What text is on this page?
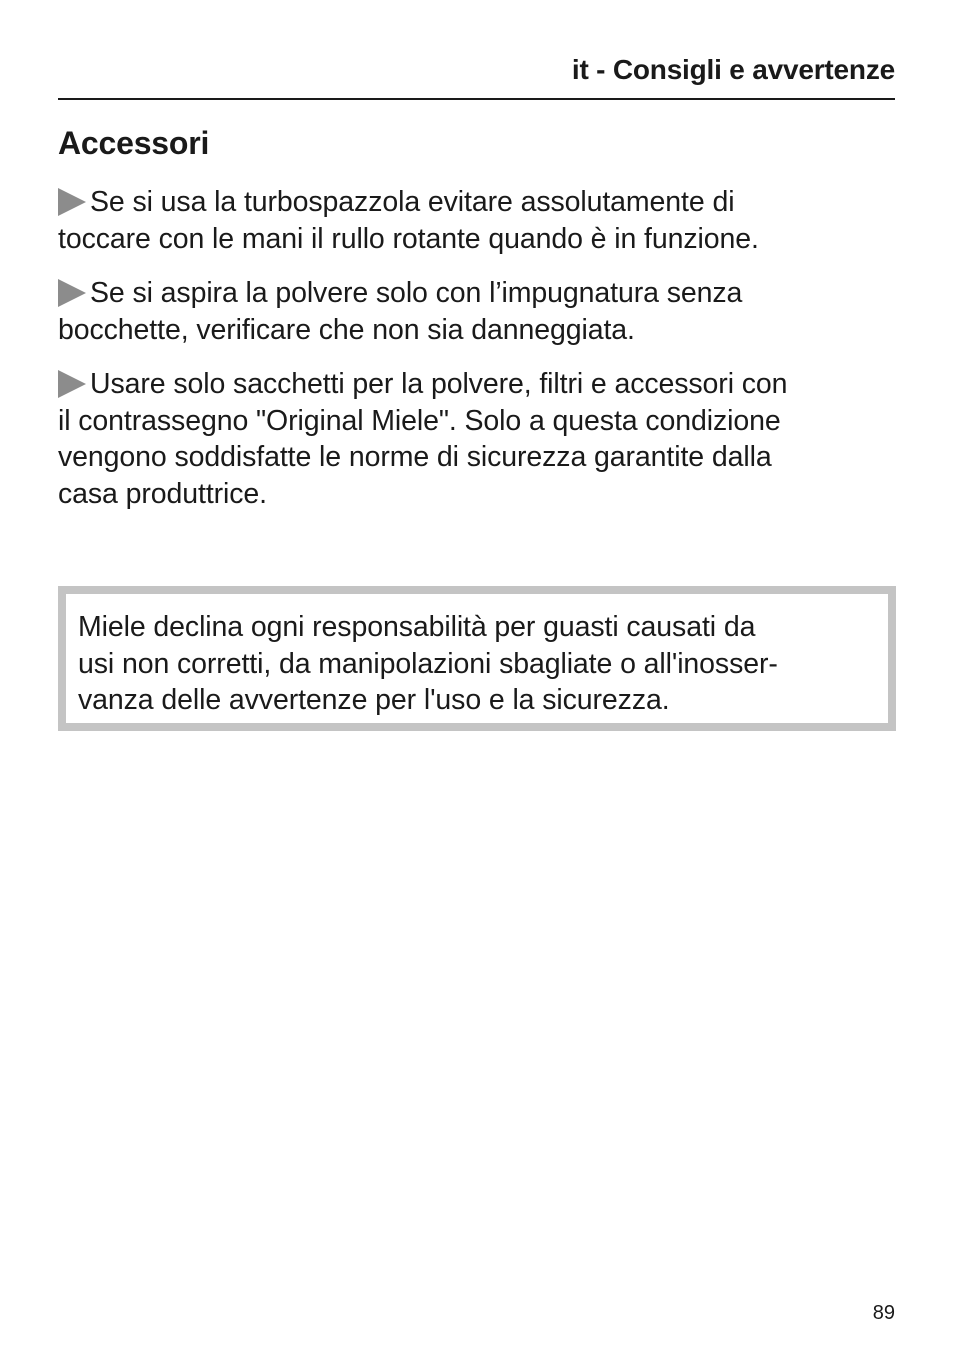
it - Consigli e avvertenze
Accessori

Se si usa la turbospazzola evitare assolutamente di
toccare con le mani il rullo rotante quando è in funzione.

Se si aspira la polvere solo con l’impugnatura senza
bocchette, verificare che non sia danneggiata.

Usare solo sacchetti per la polvere, filtri e accessori con
il contrassegno "Original Miele". Solo a questa condizione
vengono soddisfatte le norme di sicurezza garantite dalla
casa produttrice.

Miele declina ogni responsabilità per guasti causati da
usi non corretti, da manipolazioni sbagliate o all'inosser-
vanza delle avvertenze per l'uso e la sicurezza.

89
